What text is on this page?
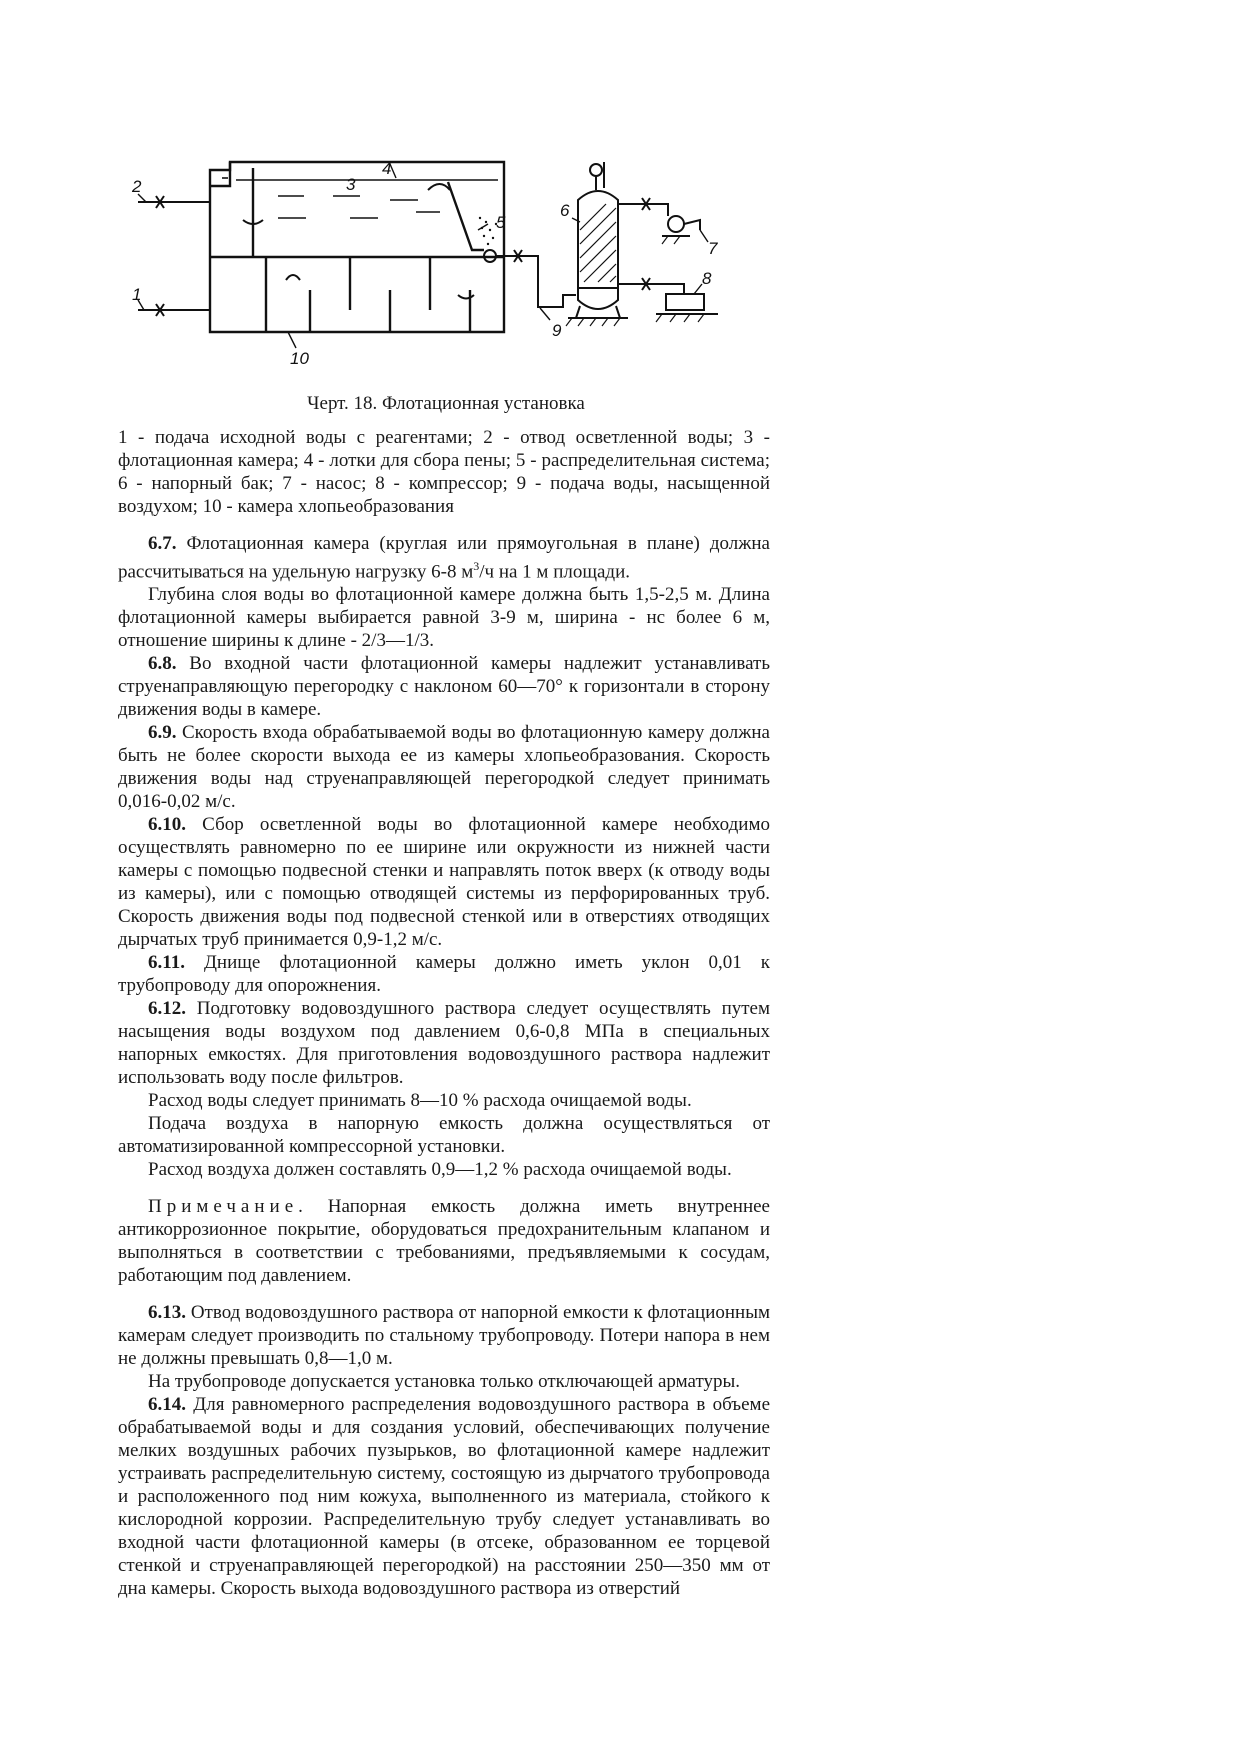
1
2	3
4
5
6
7
8
9
10
Черт. 18. Флотационная установка

1 - подача исходной воды с реагентами; 2 - отвод осветленной воды; 3 - флотационная камера; 4 - лотки для сбора пены; 5 - распределительная система; 6 - напорный бак; 7 - насос; 8 - компрессор; 9 - подача воды, насыщенной воздухом; 10 - камера хлопьеобразования

6.7. Флотационная камера (круглая или прямоугольная в плане) должна рассчитываться на удельную нагрузку 6-8 $м^3/ч$ на 1 м площади.

Глубина слоя воды во флотационной камере должна быть 1,5-2,5 м. Длина флотационной камеры выбирается равной 3-9 м, ширина - нс более 6 м, отношение ширины к длине - 2/3—1/3.

6.8. Во входной части флотационной камеры надлежит устанавливать струенаправляющую перегородку с наклоном 60—70° к горизонтали в сторону движения воды в камере.

6.9. Скорость входа обрабатываемой воды во флотационную камеру должна быть не более скорости выхода ее из камеры хлопьеобразования. Скорость движения воды над струенаправляющей перегородкой следует принимать 0,016-0,02 м/с.

6.10. Сбор осветленной воды во флотационной камере необходимо осуществлять равномерно по ее ширине или окружности из нижней части камеры с помощью подвесной стенки и направлять поток вверх (к отводу воды из камеры), или с помощью отводящей системы из перфорированных труб. Скорость движения воды под подвесной стенкой или в отверстиях отводящих дырчатых труб принимается 0,9-1,2 м/с.

6.11. Днище флотационной камеры должно иметь уклон 0,01 к трубопроводу для опорожнения.

6.12. Подготовку водовоздушного раствора следует осуществлять путем насыщения воды воздухом под давлением 0,6-0,8 МПа в специальных напорных емкостях. Для приготовления водовоздушного раствора надлежит использовать воду после фильтров.

Расход воды следует принимать 8—10 % расхода очищаемой воды.

Подача воздуха в напорную емкость должна осуществляться от автоматизированной компрессорной установки.

Расход воздуха должен составлять 0,9—1,2 % расхода очищаемой воды.

Примечание. Напорная емкость должна иметь внутреннее антикоррозионное покрытие, оборудоваться предохранительным клапаном и выполняться в соответствии с требованиями, предъявляемыми к сосудам, работающим под давлением.

6.13. Отвод водовоздушного раствора от напорной емкости к флотационным камерам следует производить по стальному трубопроводу. Потери напора в нем не должны превышать 0,8—1,0 м.

На трубопроводе допускается установка только отключающей арматуры.

6.14. Для равномерного распределения водовоздушного раствора в объеме обрабатываемой воды и для создания условий, обеспечивающих получение мелких воздушных рабочих пузырьков, во флотационной камере надлежит устраивать распределительную систему, состоящую из дырчатого трубопровода и расположенного под ним кожуха, выполненного из материала, стойкого к кислородной коррозии. Распределительную трубу следует устанавливать во входной части флотационной камеры (в отсеке, образованном ее торцевой стенкой и струенаправляющей перегородкой) на расстоянии 250—350 мм от дна камеры. Скорость выхода водовоздушного раствора из отверстий
